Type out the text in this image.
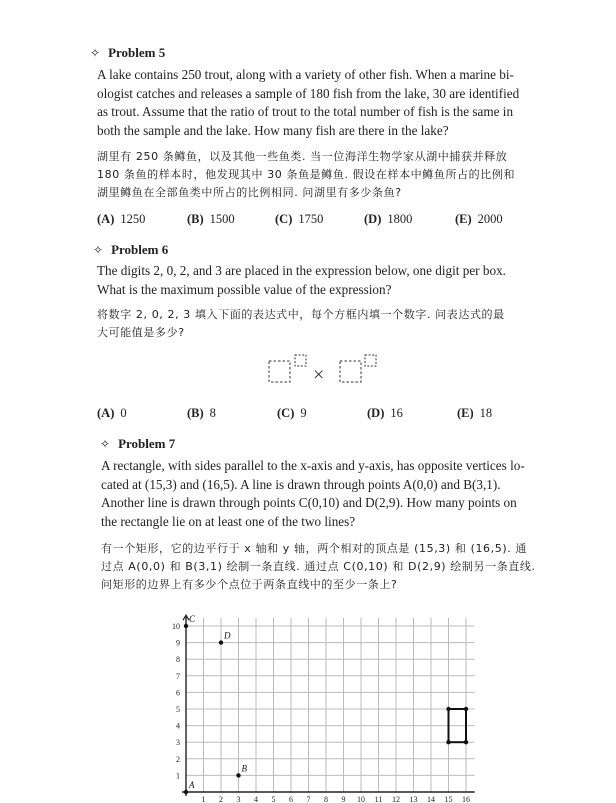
✧ Problem 5
A lake contains 250 trout, along with a variety of other fish. When a marine bi-
ologist catches and releases a sample of 180 fish from the lake, 30 are identified
as trout. Assume that the ratio of trout to the total number of fish is the same in
both the sample and the lake. How many fish are there in the lake?
湖里有 250 条鳟鱼，以及其他一些鱼类. 当一位海洋生物学家从湖中捕获并释放
180 条鱼的样本时，他发现其中 30 条鱼是鳟鱼. 假设在样本中鳟鱼所占的比例和
湖里鳟鱼在全部鱼类中所占的比例相同. 问湖里有多少条鱼?
(A) 1250	(B) 1500	(C) 1750	(D) 1800	(E) 2000
✧ Problem 6
The digits 2, 0, 2, and 3 are placed in the expression below, one digit per box.
What is the maximum possible value of the expression?
将数字 2, 0, 2, 3 填入下面的表达式中，每个方框内填一个数字. 问表达式的最
大可能值是多少?
×
(A) 0	(B) 8	(C) 9	(D) 16	(E) 18
✧ Problem 7
A rectangle, with sides parallel to the x-axis and y-axis, has opposite vertices lo-
cated at (15,3) and (16,5). A line is drawn through points A(0,0) and B(3,1).
Another line is drawn through points C(0,10) and D(2,9). How many points on
the rectangle lie on at least one of the two lines?
有一个矩形，它的边平行于 x 轴和 y 轴，两个相对的顶点是 (15,3) 和 (16,5). 通
过点 A(0,0) 和 B(3,1) 绘制一条直线. 通过点 C(0,10) 和 D(2,9) 绘制另一条直线.
问矩形的边界上有多少个点位于两条直线中的至少一条上?
1 2 3 4 5 6 7 8 9 10 11 12 13 14 15 16
1
2
3
4
5
6
7
8
9
10
A
B
C
D
